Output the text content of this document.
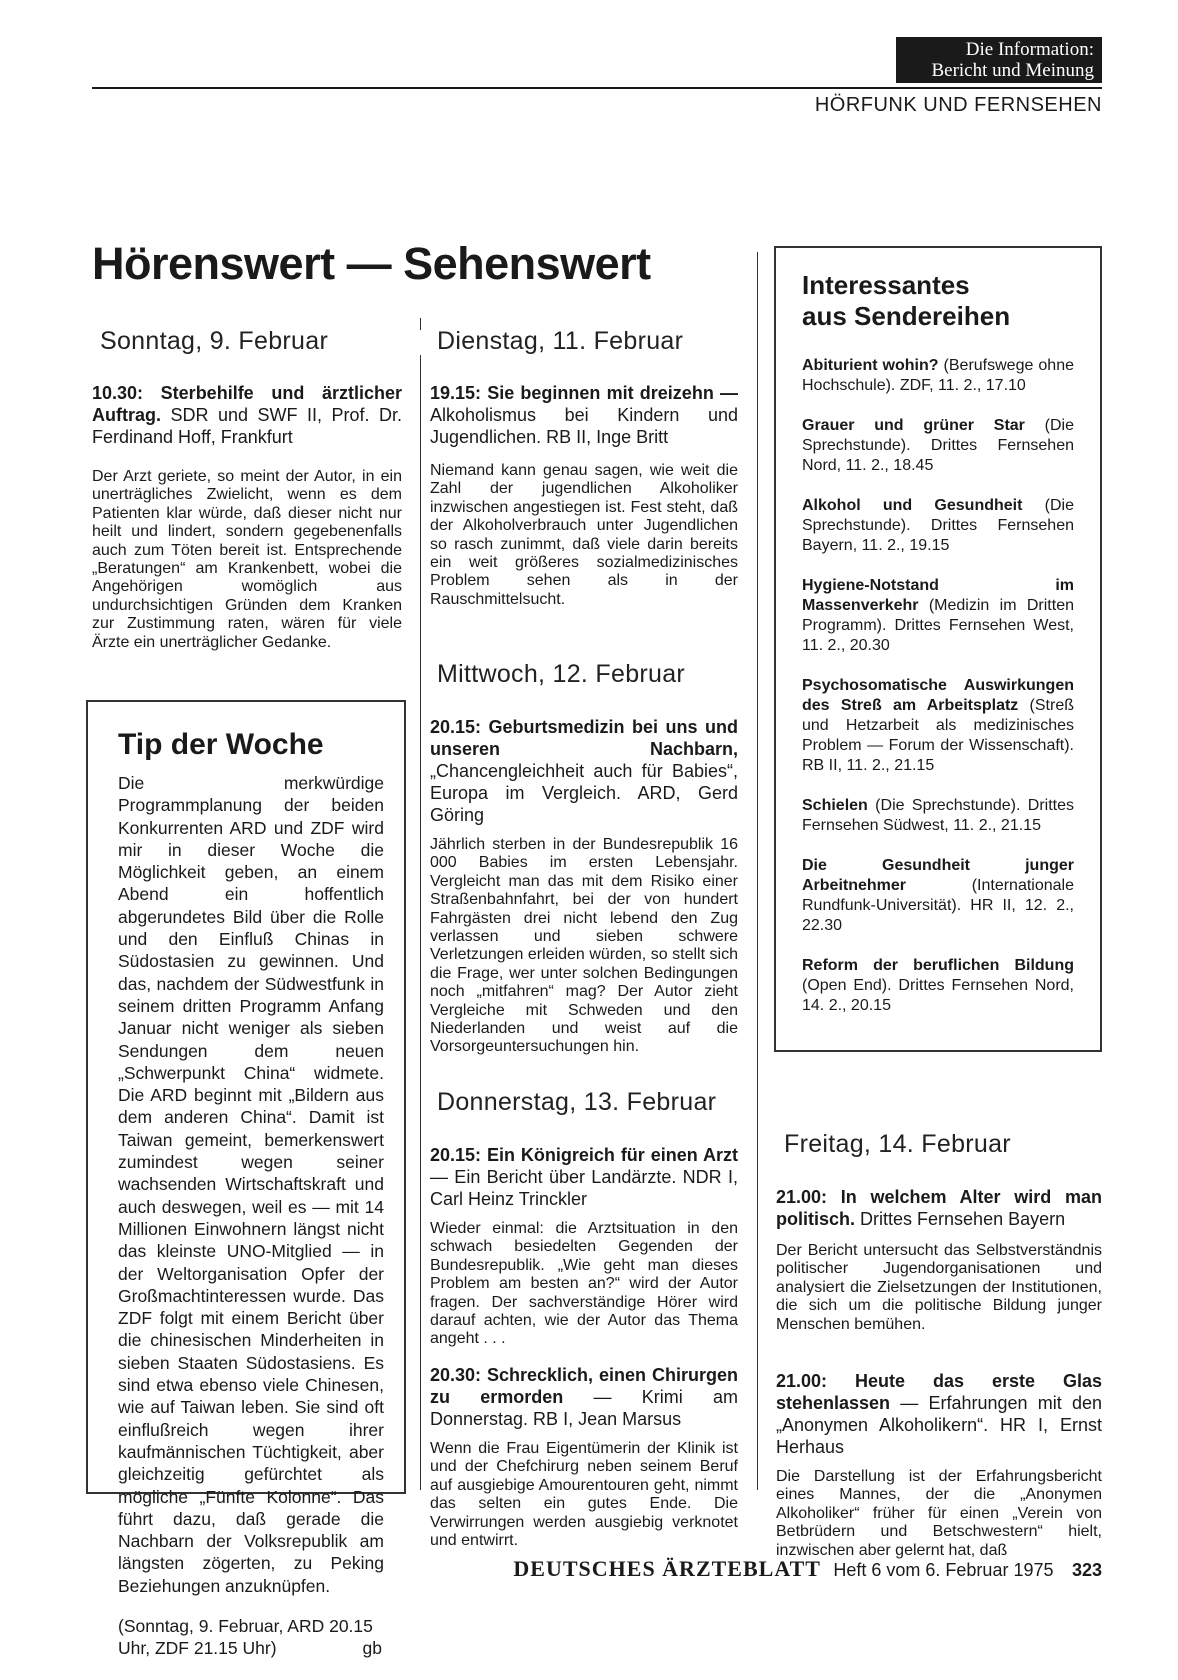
Die Information:
Bericht und Meinung
HÖRFUNK UND FERNSEHEN
Hörenswert — Sehenswert
Sonntag, 9. Februar

10.30: Sterbehilfe und ärztlicher Auftrag. SDR und SWF II, Prof. Dr. Ferdinand Hoff, Frankfurt

Der Arzt geriete, so meint der Autor, in ein unerträgliches Zwielicht, wenn es dem Patienten klar würde, daß dieser nicht nur heilt und lindert, sondern gegebenenfalls auch zum Töten bereit ist. Entsprechende „Beratungen“ am Krankenbett, wobei die Angehörigen womöglich aus undurchsichtigen Gründen dem Kranken zur Zustimmung raten, wären für viele Ärzte ein unerträglicher Gedanke.

Tip der Woche

Die merkwürdige Programmplanung der beiden Konkurrenten ARD und ZDF wird mir in dieser Woche die Möglichkeit geben, an einem Abend ein hoffentlich abgerundetes Bild über die Rolle und den Einfluß Chinas in Südostasien zu gewinnen. Und das, nachdem der Südwestfunk in seinem dritten Programm Anfang Januar nicht weniger als sieben Sendungen dem neuen „Schwerpunkt China“ widmete. Die ARD beginnt mit „Bildern aus dem anderen China“. Damit ist Taiwan gemeint, bemerkenswert zumindest wegen seiner wachsenden Wirtschaftskraft und auch deswegen, weil es — mit 14 Millionen Einwohnern längst nicht das kleinste UNO-Mitglied — in der Weltorganisation Opfer der Großmachtinteressen wurde. Das ZDF folgt mit einem Bericht über die chinesischen Minderheiten in sieben Staaten Südostasiens. Es sind etwa ebenso viele Chinesen, wie auf Taiwan leben. Sie sind oft einflußreich wegen ihrer kaufmännischen Tüchtigkeit, aber gleichzeitig gefürchtet als mögliche „Fünfte Kolonne“. Das führt dazu, daß gerade die Nachbarn der Volksrepublik am längsten zögerten, zu Peking Beziehungen anzuknüpfen.

(Sonntag, 9. Februar, ARD 20.15 Uhr, ZDF 21.15 Uhr)	gb
Dienstag, 11. Februar

19.15: Sie beginnen mit dreizehn — Alkoholismus bei Kindern und Jugendlichen. RB II, Inge Britt

Niemand kann genau sagen, wie weit die Zahl der jugendlichen Alkoholiker inzwischen angestiegen ist. Fest steht, daß der Alkoholverbrauch unter Jugendlichen so rasch zunimmt, daß viele darin bereits ein weit größeres sozialmedizinisches Problem sehen als in der Rauschmittelsucht.

Mittwoch, 12. Februar

20.15: Geburtsmedizin bei uns und unseren Nachbarn, „Chancengleichheit auch für Babies“, Europa im Vergleich. ARD, Gerd Göring

Jährlich sterben in der Bundesrepublik 16 000 Babies im ersten Lebensjahr. Vergleicht man das mit dem Risiko einer Straßenbahnfahrt, bei der von hundert Fahrgästen drei nicht lebend den Zug verlassen und sieben schwere Verletzungen erleiden würden, so stellt sich die Frage, wer unter solchen Bedingungen noch „mitfahren“ mag? Der Autor zieht Vergleiche mit Schweden und den Niederlanden und weist auf die Vorsorgeuntersuchungen hin.

Donnerstag, 13. Februar

20.15: Ein Königreich für einen Arzt — Ein Bericht über Landärzte. NDR I, Carl Heinz Trinckler

Wieder einmal: die Arztsituation in den schwach besiedelten Gegenden der Bundesrepublik. „Wie geht man dieses Problem am besten an?“ wird der Autor fragen. Der sachverständige Hörer wird darauf achten, wie der Autor das Thema angeht . . .

20.30: Schrecklich, einen Chirurgen zu ermorden — Krimi am Donnerstag. RB I, Jean Marsus

Wenn die Frau Eigentümerin der Klinik ist und der Chefchirurg neben seinem Beruf auf ausgiebige Amourentouren geht, nimmt das selten ein gutes Ende. Die Verwirrungen werden ausgiebig verknotet und entwirrt.

Interessantes
aus Sendereihen

Abiturient wohin? (Berufswege ohne Hochschule). ZDF, 11. 2., 17.10

Grauer und grüner Star (Die Sprechstunde). Drittes Fernsehen Nord, 11. 2., 18.45

Alkohol und Gesundheit (Die Sprechstunde). Drittes Fernsehen Bayern, 11. 2., 19.15

Hygiene-Notstand im Massenverkehr (Medizin im Dritten Programm). Drittes Fernsehen West, 11. 2., 20.30

Psychosomatische Auswirkungen des Streß am Arbeitsplatz (Streß und Hetzarbeit als medizinisches Problem — Forum der Wissenschaft). RB II, 11. 2., 21.15

Schielen (Die Sprechstunde). Drittes Fernsehen Südwest, 11. 2., 21.15

Die Gesundheit junger Arbeitnehmer (Internationale Rundfunk-Universität). HR II, 12. 2., 22.30

Reform der beruflichen Bildung (Open End). Drittes Fernsehen Nord, 14. 2., 20.15

Freitag, 14. Februar

21.00: In welchem Alter wird man politisch. Drittes Fernsehen Bayern

Der Bericht untersucht das Selbstverständnis politischer Jugendorganisationen und analysiert die Zielsetzungen der Institutionen, die sich um die politische Bildung junger Menschen bemühen.

21.00: Heute das erste Glas stehenlassen — Erfahrungen mit den „Anonymen Alkoholikern“. HR I, Ernst Herhaus

Die Darstellung ist der Erfahrungsbericht eines Mannes, der die „Anonymen Alkoholiker“ früher für einen „Verein von Betbrüdern und Betschwestern“ hielt, inzwischen aber gelernt hat, daß

DEUTSCHES ÄRZTEBLATT Heft 6 vom 6. Februar 1975 323
